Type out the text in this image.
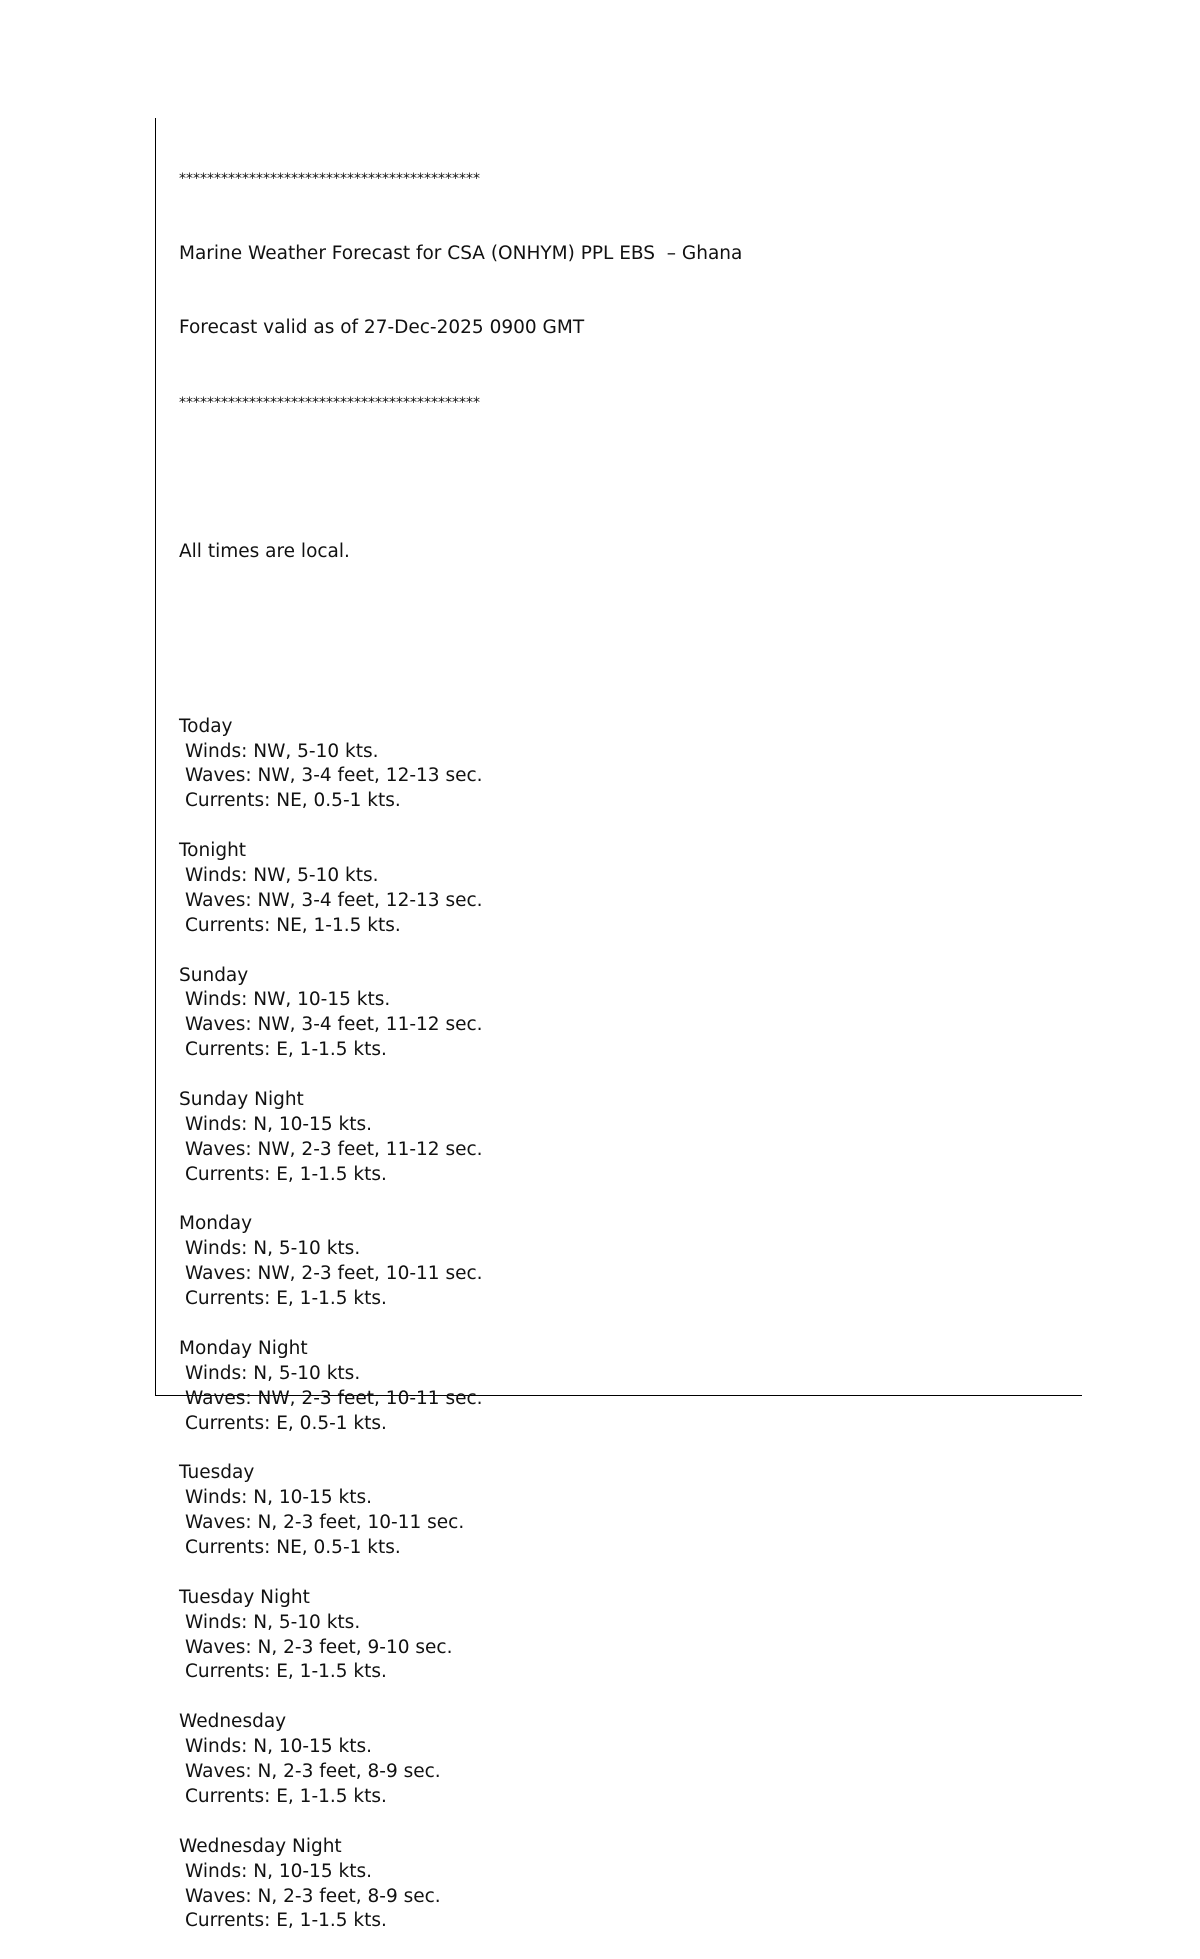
*******************************************

Marine Weather Forecast for CSA (ONHYM) PPL EBS  – Ghana

Forecast valid as of 27-Dec-2025 0900 GMT

*******************************************

All times are local.

Today
Winds: NW, 5-10 kts.
Waves: NW, 3-4 feet, 12-13 sec.
Currents: NE, 0.5-1 kts.
Tonight
Winds: NW, 5-10 kts.
Waves: NW, 3-4 feet, 12-13 sec.
Currents: NE, 1-1.5 kts.
Sunday
Winds: NW, 10-15 kts.
Waves: NW, 3-4 feet, 11-12 sec.
Currents: E, 1-1.5 kts.
Sunday Night
Winds: N, 10-15 kts.
Waves: NW, 2-3 feet, 11-12 sec.
Currents: E, 1-1.5 kts.
Monday
Winds: N, 5-10 kts.
Waves: NW, 2-3 feet, 10-11 sec.
Currents: E, 1-1.5 kts.
Monday Night
Winds: N, 5-10 kts.
Waves: NW, 2-3 feet, 10-11 sec.
Currents: E, 0.5-1 kts.
Tuesday
Winds: N, 10-15 kts.
Waves: N, 2-3 feet, 10-11 sec.
Currents: NE, 0.5-1 kts.
Tuesday Night
Winds: N, 5-10 kts.
Waves: N, 2-3 feet, 9-10 sec.
Currents: E, 1-1.5 kts.
Wednesday
Winds: N, 10-15 kts.
Waves: N, 2-3 feet, 8-9 sec.
Currents: E, 1-1.5 kts.
Wednesday Night
Winds: N, 10-15 kts.
Waves: N, 2-3 feet, 8-9 sec.
Currents: E, 1-1.5 kts.
